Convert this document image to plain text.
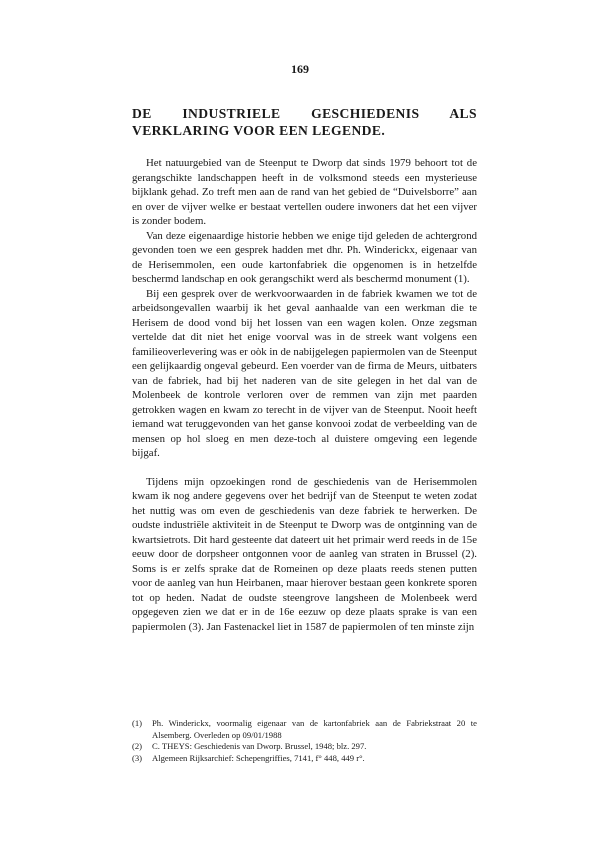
169
DE INDUSTRIELE GESCHIEDENIS ALS VERKLARING VOOR EEN LEGENDE.

Het natuurgebied van de Steenput te Dworp dat sinds 1979 behoort tot de gerangschikte landschappen heeft in de volksmond steeds een mysterieuse bijklank gehad. Zo treft men aan de rand van het gebied de “Duivelsborre” aan en over de vijver welke er bestaat vertellen oudere inwoners dat het een vijver is zonder bodem.

Van deze eigenaardige historie hebben we enige tijd geleden de achtergrond gevonden toen we een gesprek hadden met dhr. Ph. Winderickx, eigenaar van de Herisemmolen, een oude kartonfabriek die opgenomen is in hetzelfde beschermd landschap en ook gerangschikt werd als beschermd monument (1).

Bij een gesprek over de werkvoorwaarden in de fabriek kwamen we tot de arbeidsongevallen waarbij ik het geval aanhaalde van een werkman die te Herisem de dood vond bij het lossen van een wagen kolen. Onze zegsman vertelde dat dit niet het enige voorval was in de streek want volgens een familieoverlevering was er oòk in de nabijgelegen papiermolen van de Steenput een gelijkaardig ongeval gebeurd. Een voerder van de firma de Meurs, uitbaters van de fabriek, had bij het naderen van de site gelegen in het dal van de Molenbeek de kontrole verloren over de remmen van zijn met paarden getrokken wagen en kwam zo terecht in de vijver van de Steenput. Nooit heeft iemand wat teruggevonden van het ganse konvooi zodat de verbeelding van de mensen op hol sloeg en men deze-toch al duistere omgeving een legende bijgaf.

Tijdens mijn opzoekingen rond de geschiedenis van de Herisemmolen kwam ik nog andere gegevens over het bedrijf van de Steenput te weten zodat het nuttig was om even de geschiedenis van deze fabriek te herwerken. De oudste industriële aktiviteit in de Steenput te Dworp was de ontginning van de kwartsietrots. Dit hard gesteente dat dateert uit het primair werd reeds in de 15e eeuw door de dorpsheer ontgonnen voor de aanleg van straten in Brussel (2). Soms is er zelfs sprake dat de Romeinen op deze plaats reeds stenen putten voor de aanleg van hun Heirbanen, maar hierover bestaan geen konkrete sporen tot op heden. Nadat de oudste steengrove langsheen de Molenbeek werd opgegeven zien we dat er in de 16e eezuw op deze plaats sprake is van een papiermolen (3). Jan Fastenackel liet in 1587 de papiermolen of ten minste zijn

(1)	Ph. Winderickx, voormalig eigenaar van de kartonfabriek aan de Fabriekstraat 20 te Alsemberg. Overleden op 09/01/1988
(2)	C. THEYS: Geschiedenis van Dworp. Brussel, 1948; blz. 297.
(3)	Algemeen Rijksarchief: Schepengriffies, 7141, f° 448, 449 r°.
